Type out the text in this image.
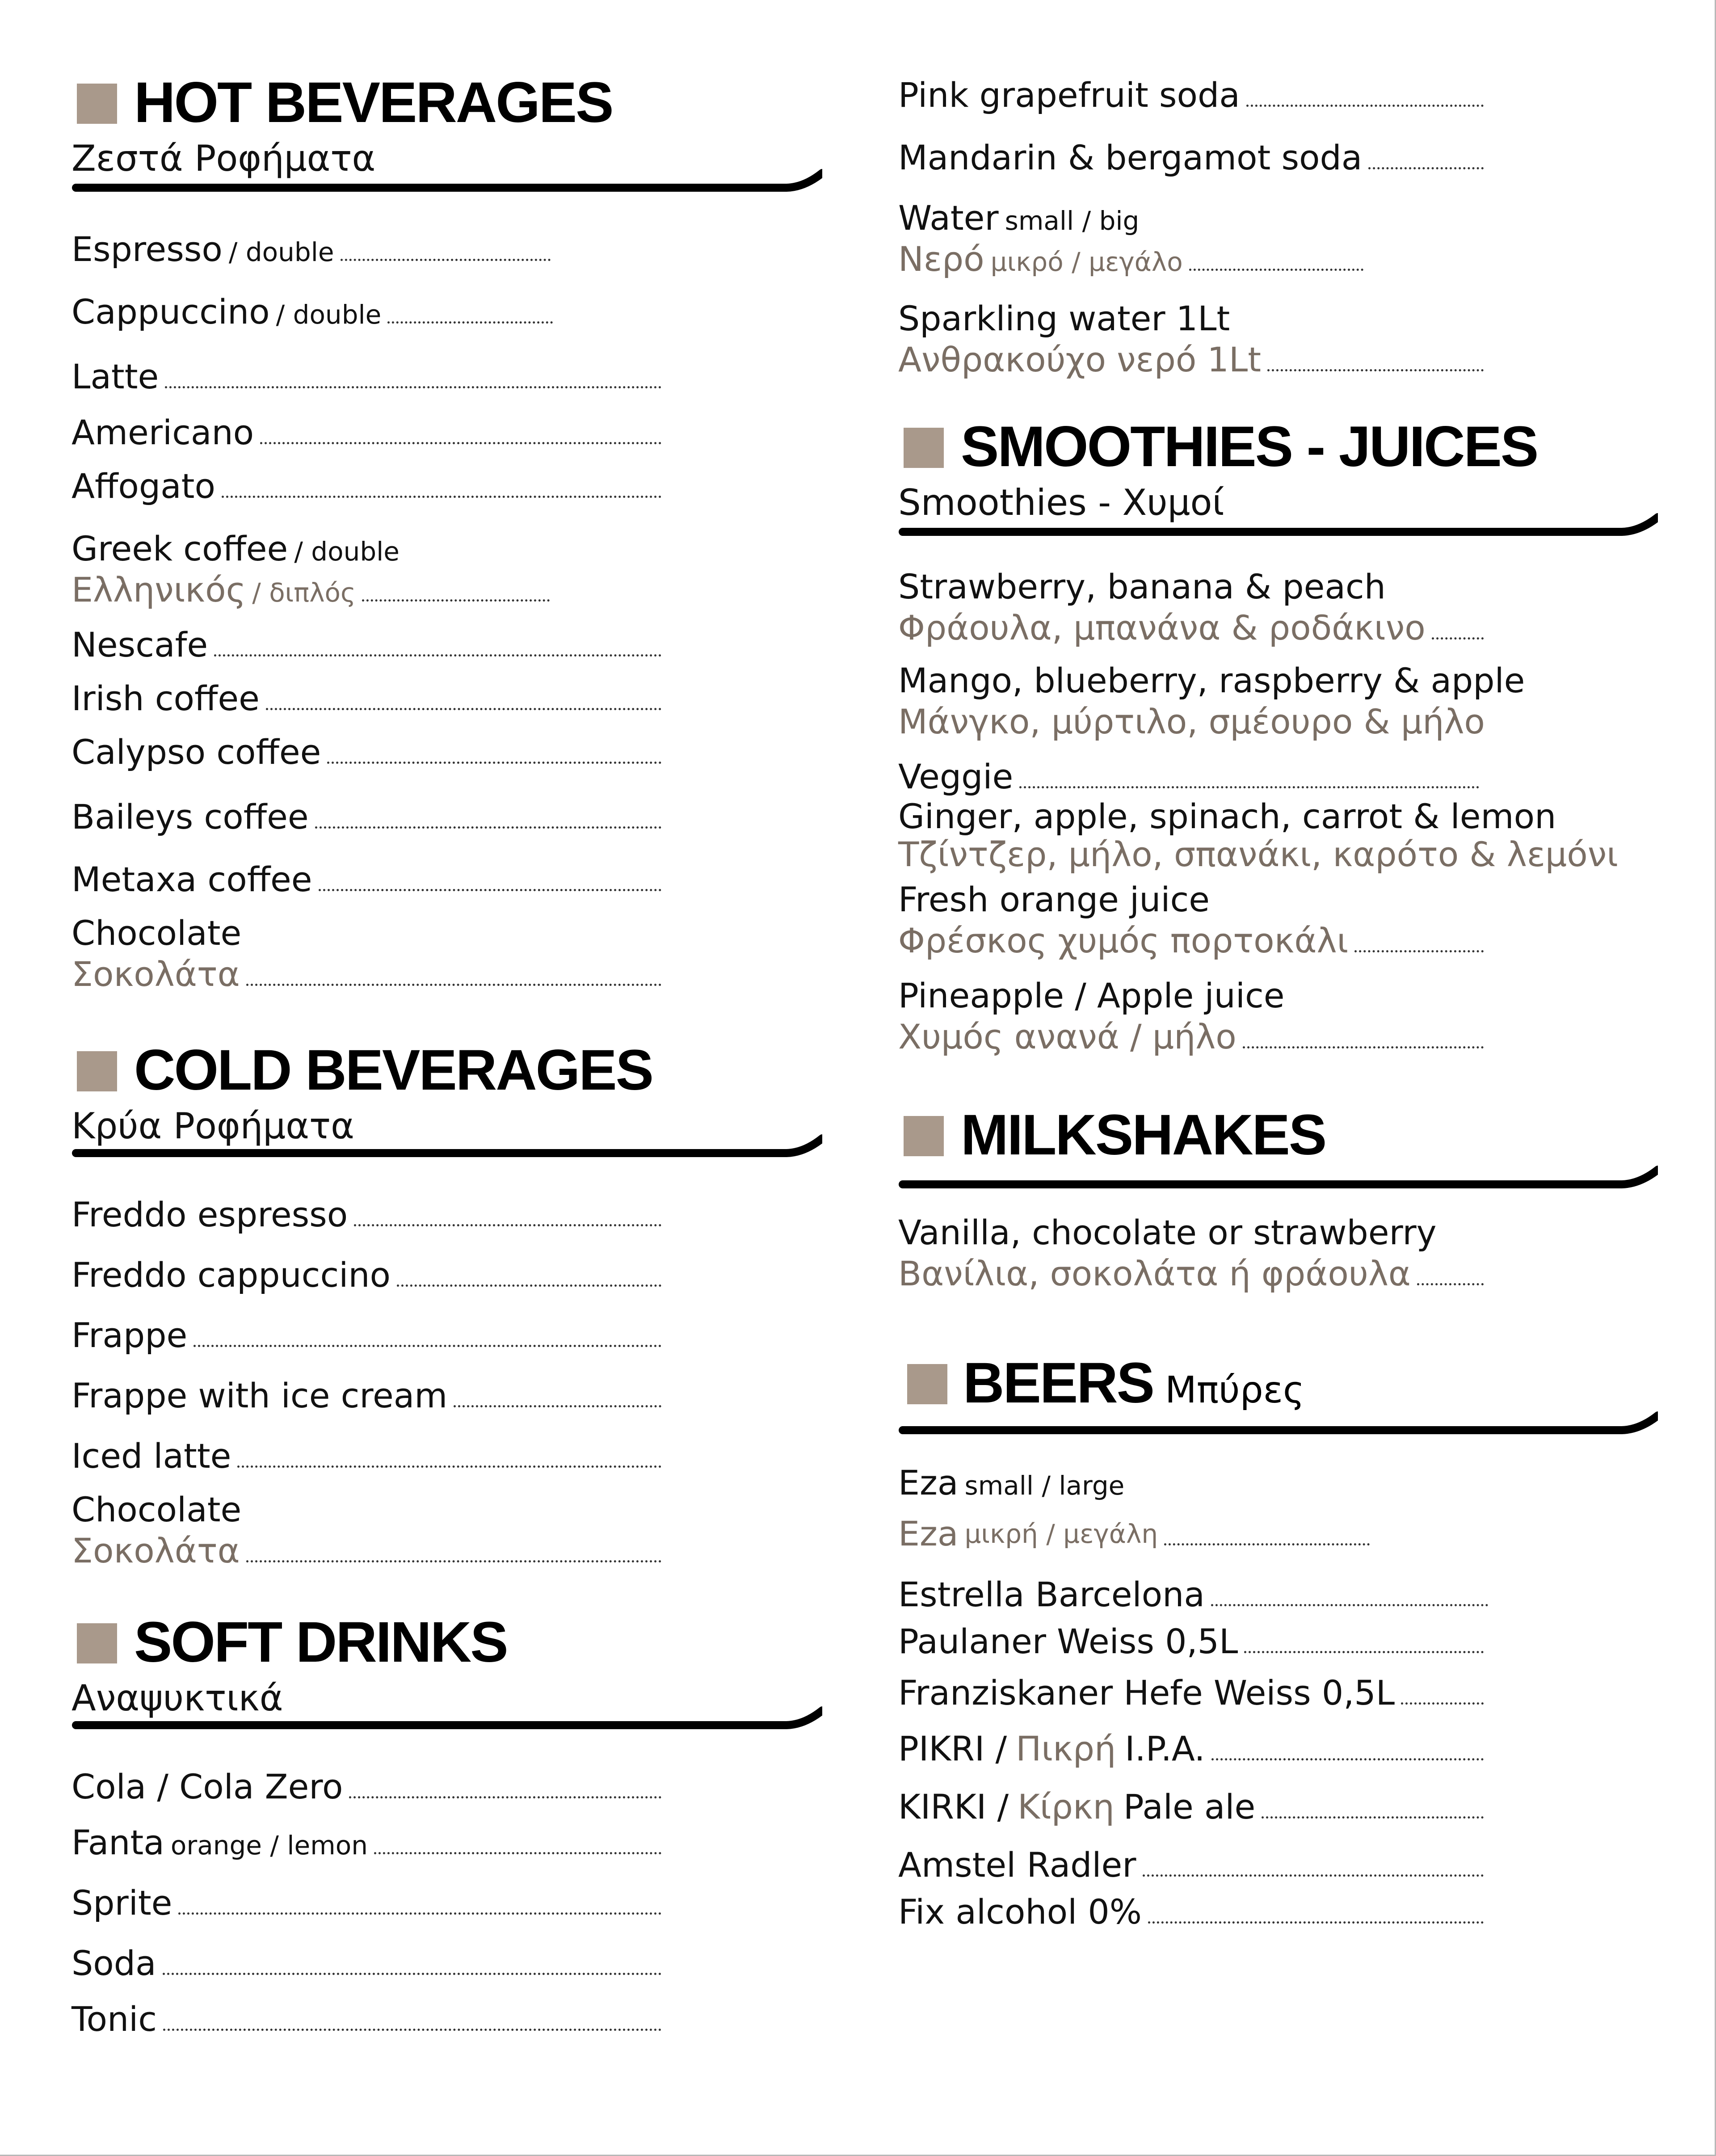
HOT BEVERAGES
Ζεστά Ροφήματα
Espresso / double
Cappuccino / double
Latte
Americano
Affogato
Greek coffee / double
Ελληνικός / διπλός
Nescafe
Irish coffee
Calypso coffee
Baileys coffee
Metaxa coffee
Chocolate
Σοκολάτα
COLD BEVERAGES
Κρύα Ροφήματα
Freddo espresso
Freddo cappuccino
Frappe
Frappe with ice cream
Iced latte
Chocolate
Σοκολάτα
SOFT DRINKS
Αναψυκτικά
Cola / Cola Zero
Fanta orange / lemon
Sprite
Soda
Tonic
Pink grapefruit soda
Mandarin & bergamot soda
Water small / big
Νερό μικρό / μεγάλο
Sparkling water 1Lt
Ανθρακούχο νερό 1Lt
SMOOTHIES - JUICES
Smoothies - Χυμοί
Strawberry, banana & peach
Φράουλα, μπανάνα & ροδάκινο
Mango, blueberry, raspberry & apple
Μάνγκο, μύρτιλο, σμέουρο & μήλο
Veggie
Ginger, apple, spinach, carrot & lemon
Τζίντζερ, μήλο, σπανάκι, καρότο & λεμόνι
Fresh orange juice
Φρέσκος χυμός πορτοκάλι
Pineapple / Apple juice
Χυμός ανανά / μήλο
MILKSHAKES
Vanilla, chocolate or strawberry
Βανίλια, σοκολάτα ή φράουλα
BEERS Μπύρες
Eza small / large
Eza μικρή / μεγάλη
Estrella Barcelona
Paulaner Weiss 0,5L
Franziskaner Hefe Weiss 0,5L
PIKRI / Πικρή I.P.A.
KIRKI / Κίρκη Pale ale
Amstel Radler
Fix alcohol 0%
